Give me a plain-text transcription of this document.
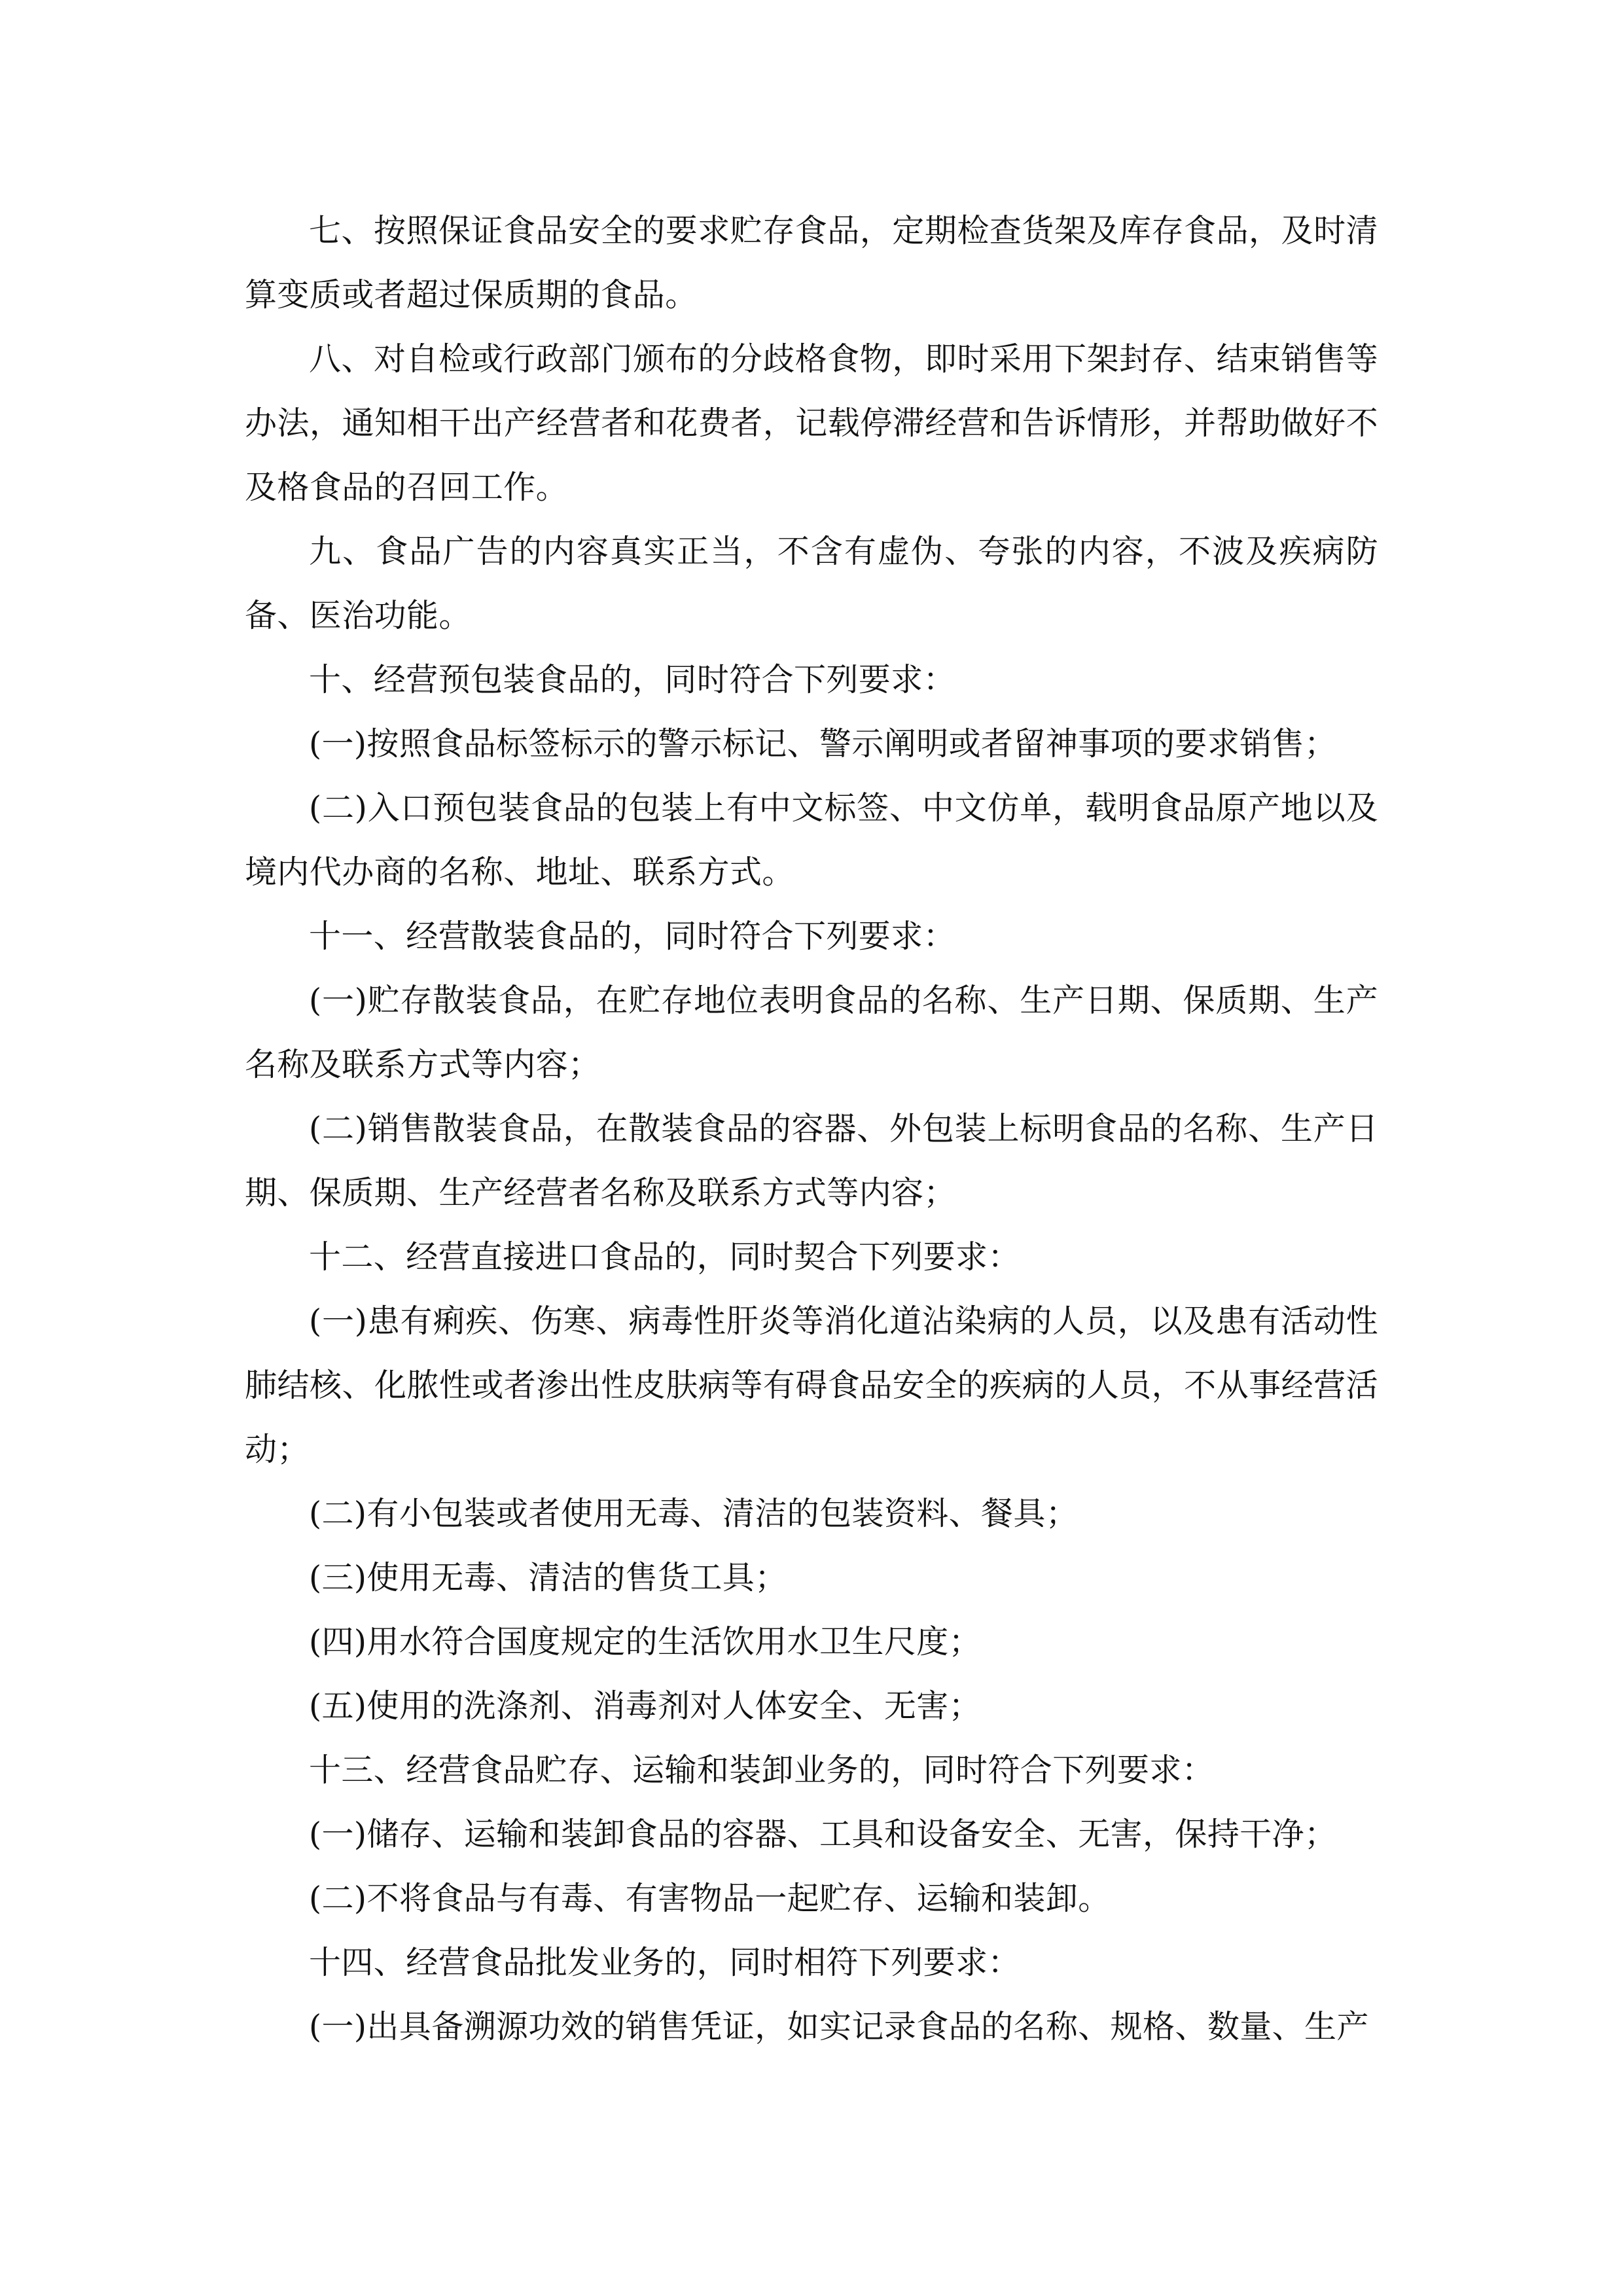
七、按照保证食品安全的要求贮存食品，定期检查货架及库存食品，及时清算变质或者超过保质期的食品。

八、对自检或行政部门颁布的分歧格食物，即时采用下架封存、结束销售等办法，通知相干出产经营者和花费者，记载停滞经营和告诉情形，并帮助做好不及格食品的召回工作。

九、食品广告的内容真实正当，不含有虚伪、夸张的内容，不波及疾病防备、医治功能。

十、经营预包装食品的，同时符合下列要求：

(一)按照食品标签标示的警示标记、警示阐明或者留神事项的要求销售；

(二)入口预包装食品的包装上有中文标签、中文仿单，载明食品原产地以及境内代办商的名称、地址、联系方式。

十一、经营散装食品的，同时符合下列要求：

(一)贮存散装食品，在贮存地位表明食品的名称、生产日期、保质期、生产名称及联系方式等内容；

(二)销售散装食品，在散装食品的容器、外包装上标明食品的名称、生产日期、保质期、生产经营者名称及联系方式等内容；

十二、经营直接进口食品的，同时契合下列要求：

(一)患有痢疾、伤寒、病毒性肝炎等消化道沾染病的人员，以及患有活动性肺结核、化脓性或者渗出性皮肤病等有碍食品安全的疾病的人员，不从事经营活动；

(二)有小包装或者使用无毒、清洁的包装资料、餐具；

(三)使用无毒、清洁的售货工具；

(四)用水符合国度规定的生活饮用水卫生尺度；

(五)使用的洗涤剂、消毒剂对人体安全、无害；

十三、经营食品贮存、运输和装卸业务的，同时符合下列要求：

(一)储存、运输和装卸食品的容器、工具和设备安全、无害，保持干净；

(二)不将食品与有毒、有害物品一起贮存、运输和装卸。

十四、经营食品批发业务的，同时相符下列要求：

(一)出具备溯源功效的销售凭证，如实记录食品的名称、规格、数量、生产
